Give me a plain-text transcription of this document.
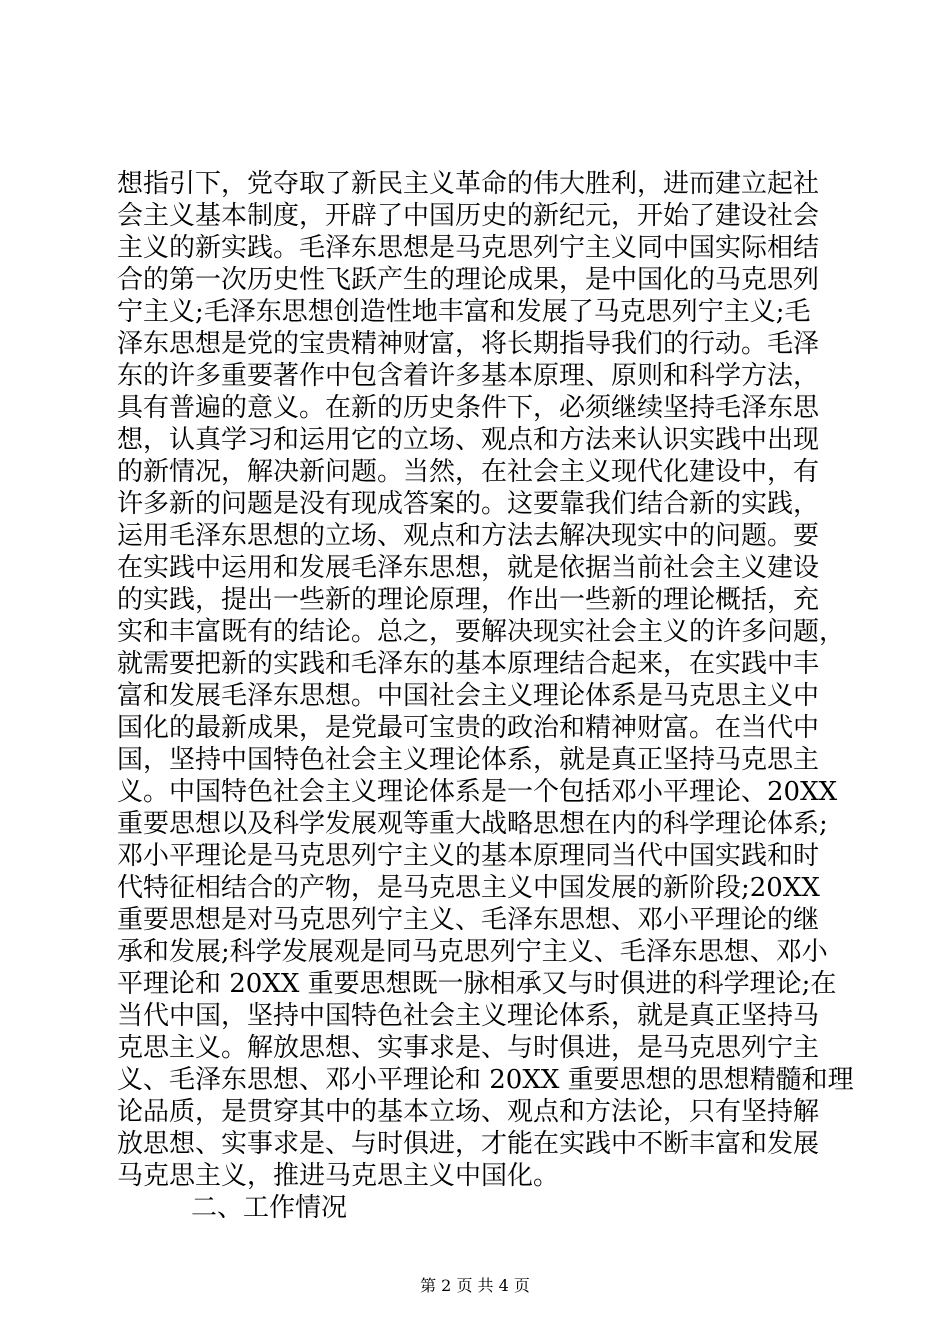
想指引下，党夺取了新民主义革命的伟大胜利，进而建立起社
会主义基本制度，开辟了中国历史的新纪元，开始了建设社会
主义的新实践。毛泽东思想是马克思列宁主义同中国实际相结
合的第一次历史性飞跃产生的理论成果，是中国化的马克思列
宁主义;毛泽东思想创造性地丰富和发展了马克思列宁主义;毛
泽东思想是党的宝贵精神财富，将长期指导我们的行动。毛泽
东的许多重要著作中包含着许多基本原理、原则和科学方法，
具有普遍的意义。在新的历史条件下，必须继续坚持毛泽东思
想，认真学习和运用它的立场、观点和方法来认识实践中出现
的新情况，解决新问题。当然，在社会主义现代化建设中，有
许多新的问题是没有现成答案的。这要靠我们结合新的实践，
运用毛泽东思想的立场、观点和方法去解决现实中的问题。要
在实践中运用和发展毛泽东思想，就是依据当前社会主义建设
的实践，提出一些新的理论原理，作出一些新的理论概括，充
实和丰富既有的结论。总之，要解决现实社会主义的许多问题，
就需要把新的实践和毛泽东的基本原理结合起来，在实践中丰
富和发展毛泽东思想。中国社会主义理论体系是马克思主义中
国化的最新成果，是党最可宝贵的政治和精神财富。在当代中
国，坚持中国特色社会主义理论体系，就是真正坚持马克思主
义。中国特色社会主义理论体系是一个包括邓小平理论、20XX
重要思想以及科学发展观等重大战略思想在内的科学理论体系;
邓小平理论是马克思列宁主义的基本原理同当代中国实践和时
代特征相结合的产物，是马克思主义中国发展的新阶段;20XX
重要思想是对马克思列宁主义、毛泽东思想、邓小平理论的继
承和发展;科学发展观是同马克思列宁主义、毛泽东思想、邓小
平理论和 20XX 重要思想既一脉相承又与时俱进的科学理论;在
当代中国，坚持中国特色社会主义理论体系，就是真正坚持马
克思主义。解放思想、实事求是、与时俱进，是马克思列宁主
义、毛泽东思想、邓小平理论和 20XX 重要思想的思想精髓和理
论品质，是贯穿其中的基本立场、观点和方法论，只有坚持解
放思想、实事求是、与时俱进，才能在实践中不断丰富和发展
马克思主义，推进马克思主义中国化。
二、工作情况
第 2 页 共 4 页
